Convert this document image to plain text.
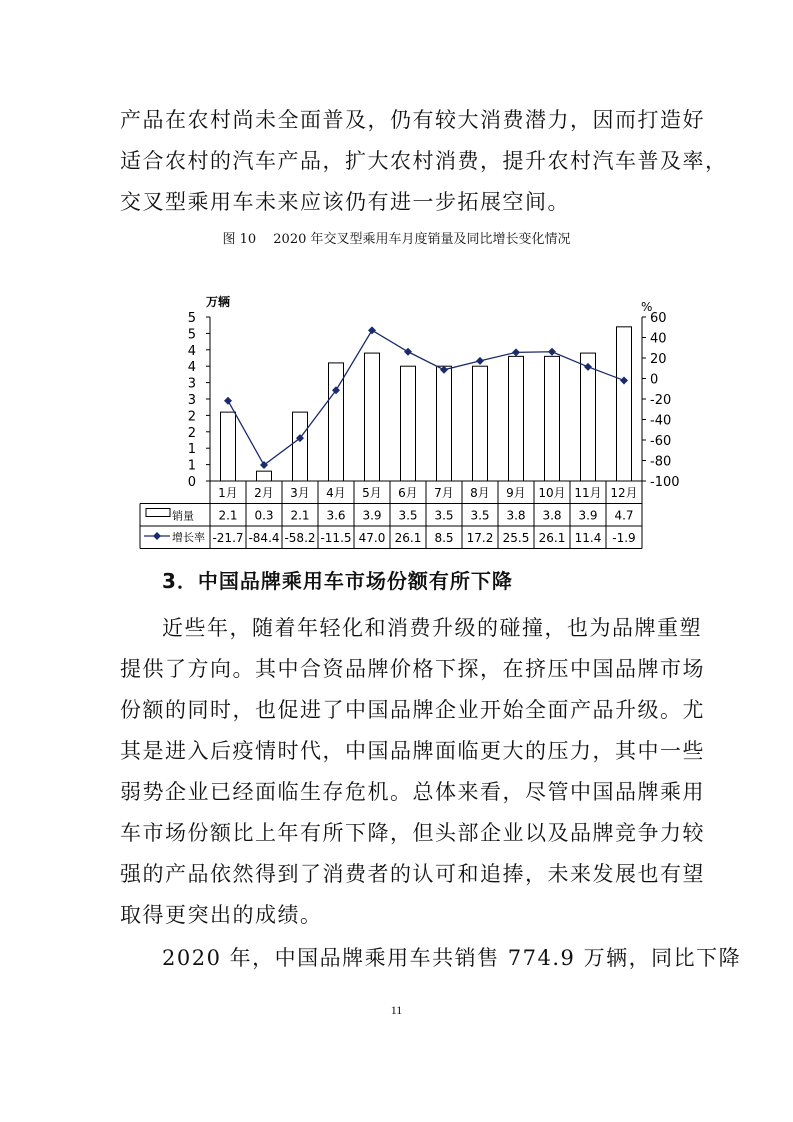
产品在农村尚未全面普及，仍有较大消费潜力，因而打造好
适合农村的汽车产品，扩大农村消费，提升农村汽车普及率，
交叉型乘用车未来应该仍有进一步拓展空间。
图 10　 2020 年交叉型乘用车月度销量及同比增长变化情况
0
1
1
2
2
3
3
4
4
5
5
万辆
60
40
20
0
-20
-40
-60
-80
-100
%
1月 2月 3月 4月 5月 6月 7月 8月 9月 10月 11月 12月
销量
增长率
2.1 0.3 2.1 3.6 3.9 3.5 3.5 3.5 3.8 3.8 3.9 4.7
-21.7 -84.4 -58.2 -11.5 47.0 26.1 8.5 17.2 25.5 26.1 11.4 -1.9
3．中国品牌乘用车市场份额有所下降
近些年，随着年轻化和消费升级的碰撞，也为品牌重塑
提供了方向。其中合资品牌价格下探，在挤压中国品牌市场
份额的同时，也促进了中国品牌企业开始全面产品升级。尤
其是进入后疫情时代，中国品牌面临更大的压力，其中一些
弱势企业已经面临生存危机。总体来看，尽管中国品牌乘用
车市场份额比上年有所下降，但头部企业以及品牌竞争力较
强的产品依然得到了消费者的认可和追捧，未来发展也有望
取得更突出的成绩。
2020 年，中国品牌乘用车共销售 774.9 万辆，同比下降
11
